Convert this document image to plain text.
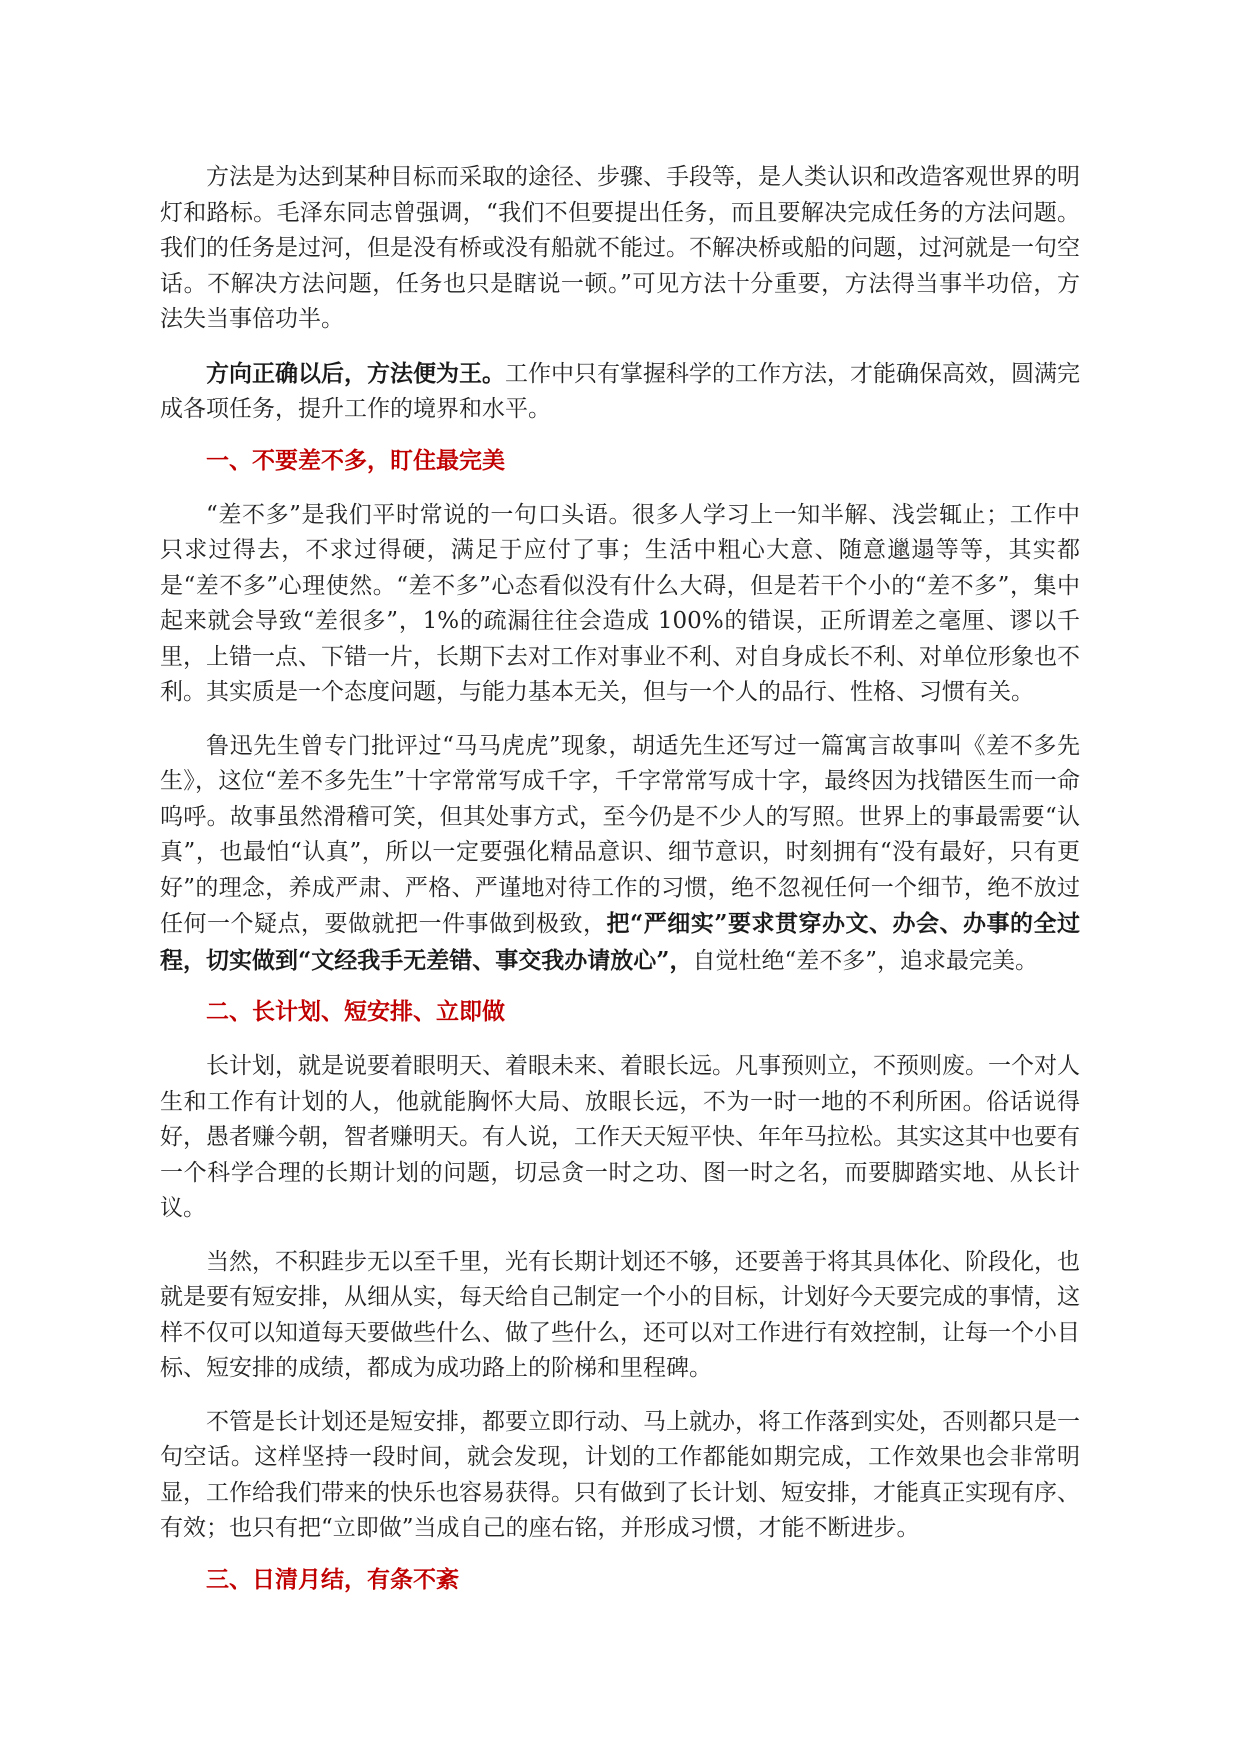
方法是为达到某种目标而采取的途径、步骤、手段等，是人类认识和改造客观世界的明灯和路标。毛泽东同志曾强调，“我们不但要提出任务，而且要解决完成任务的方法问题。我们的任务是过河，但是没有桥或没有船就不能过。不解决桥或船的问题，过河就是一句空话。不解决方法问题，任务也只是瞎说一顿。”可见方法十分重要，方法得当事半功倍，方法失当事倍功半。

方向正确以后，方法便为王。工作中只有掌握科学的工作方法，才能确保高效，圆满完成各项任务，提升工作的境界和水平。

一、不要差不多，盯住最完美

“差不多”是我们平时常说的一句口头语。很多人学习上一知半解、浅尝辄止；工作中只求过得去，不求过得硬，满足于应付了事；生活中粗心大意、随意邋遢等等，其实都是“差不多”心理使然。“差不多”心态看似没有什么大碍，但是若干个小的“差不多”，集中起来就会导致“差很多”，1%的疏漏往往会造成 100%的错误，正所谓差之毫厘、谬以千里，上错一点、下错一片，长期下去对工作对事业不利、对自身成长不利、对单位形象也不利。其实质是一个态度问题，与能力基本无关，但与一个人的品行、性格、习惯有关。

鲁迅先生曾专门批评过“马马虎虎”现象，胡适先生还写过一篇寓言故事叫《差不多先生》，这位“差不多先生”十字常常写成千字，千字常常写成十字，最终因为找错医生而一命呜呼。故事虽然滑稽可笑，但其处事方式，至今仍是不少人的写照。世界上的事最需要“认真”，也最怕“认真”，所以一定要强化精品意识、细节意识，时刻拥有“没有最好，只有更好”的理念，养成严肃、严格、严谨地对待工作的习惯，绝不忽视任何一个细节，绝不放过任何一个疑点，要做就把一件事做到极致，把“严细实”要求贯穿办文、办会、办事的全过程，切实做到“文经我手无差错、事交我办请放心”，自觉杜绝“差不多”，追求最完美。

二、长计划、短安排、立即做

长计划，就是说要着眼明天、着眼未来、着眼长远。凡事预则立，不预则废。一个对人生和工作有计划的人，他就能胸怀大局、放眼长远，不为一时一地的不利所困。俗话说得好，愚者赚今朝，智者赚明天。有人说，工作天天短平快、年年马拉松。其实这其中也要有一个科学合理的长期计划的问题，切忌贪一时之功、图一时之名，而要脚踏实地、从长计议。

当然，不积跬步无以至千里，光有长期计划还不够，还要善于将其具体化、阶段化，也就是要有短安排，从细从实，每天给自己制定一个小的目标，计划好今天要完成的事情，这样不仅可以知道每天要做些什么、做了些什么，还可以对工作进行有效控制，让每一个小目标、短安排的成绩，都成为成功路上的阶梯和里程碑。

不管是长计划还是短安排，都要立即行动、马上就办，将工作落到实处，否则都只是一句空话。这样坚持一段时间，就会发现，计划的工作都能如期完成，工作效果也会非常明显，工作给我们带来的快乐也容易获得。只有做到了长计划、短安排，才能真正实现有序、有效；也只有把“立即做”当成自己的座右铭，并形成习惯，才能不断进步。

三、日清月结，有条不紊
